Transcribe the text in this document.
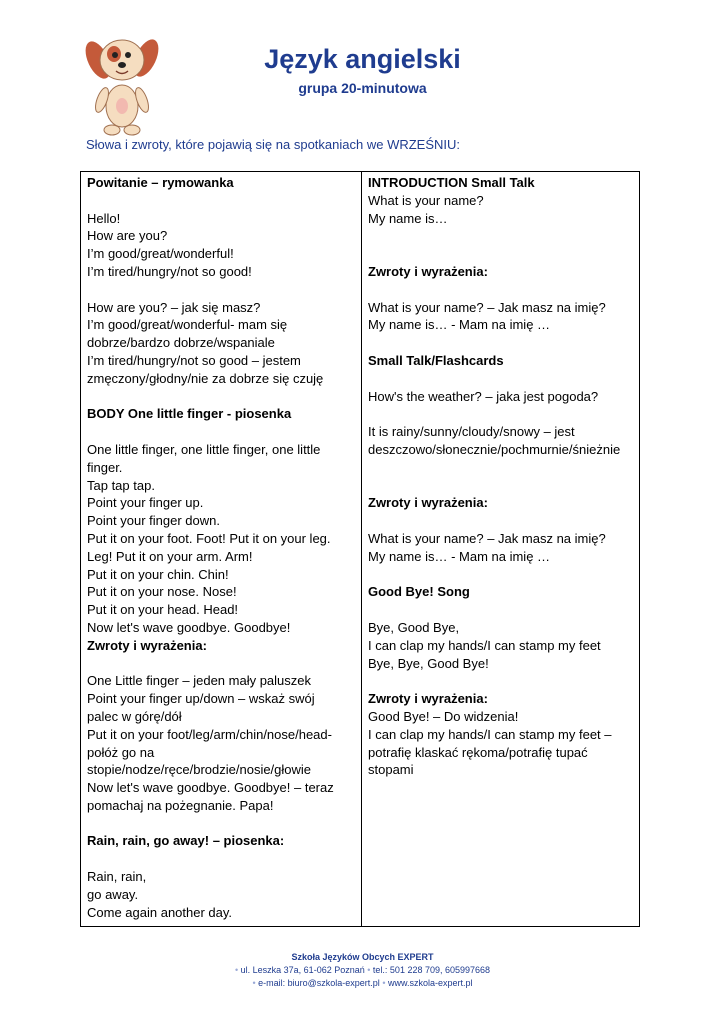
Język angielski
grupa 20-minutowa
Słowa i zwroty, które pojawią się na spotkaniach we WRZEŚNIU:
Powitanie – rymowanka
Hello!
How are you?
I’m good/great/wonderful!
I’m tired/hungry/not so good!
How are you? – jak się masz?
I’m good/great/wonderful- mam się
dobrze/bardzo dobrze/wspaniale
I’m tired/hungry/not so good – jestem
zmęczony/głodny/nie za dobrze się czuję
BODY One little finger - piosenka
One little finger, one little finger, one little
finger.
Tap tap tap.
Point your finger up.
Point your finger down.
Put it on your foot. Foot! Put it on your leg.
Leg! Put it on your arm. Arm!
Put it on your chin. Chin!
Put it on your nose. Nose!
Put it on your head. Head!
Now let's wave goodbye. Goodbye!
Zwroty i wyrażenia:
One Little finger – jeden mały paluszek
Point your finger up/down – wskaż swój
palec w górę/dół
Put it on your foot/leg/arm/chin/nose/head-
połóż go na
stopie/nodze/ręce/brodzie/nosie/głowie
Now let's wave goodbye. Goodbye! – teraz
pomachaj na pożegnanie. Papa!
Rain, rain, go away! – piosenka:
Rain, rain,
go away.
Come again another day.
INTRODUCTION Small Talk
What is your name?
My name is…
Zwroty i wyrażenia:
What is your name? – Jak masz na imię?
My name is… - Mam na imię …
Small Talk/Flashcards
How's the weather? – jaka jest pogoda?
It is rainy/sunny/cloudy/snowy – jest
deszczowo/słonecznie/pochmurnie/śnieżnie
Zwroty i wyrażenia:
What is your name? – Jak masz na imię?
My name is… - Mam na imię …
Good Bye! Song
Bye, Good Bye,
I can clap my hands/I can stamp my feet
Bye, Bye, Good Bye!
Zwroty i wyrażenia:
Good Bye! – Do widzenia!
I can clap my hands/I can stamp my feet –
potrafię klaskać rękoma/potrafię tupać
stopami
Szkoła Języków Obcych EXPERT
• ul. Leszka 37a, 61-062 Poznań • tel.: 501 228 709, 605997668
• e-mail: biuro@szkola-expert.pl • www.szkola-expert.pl
